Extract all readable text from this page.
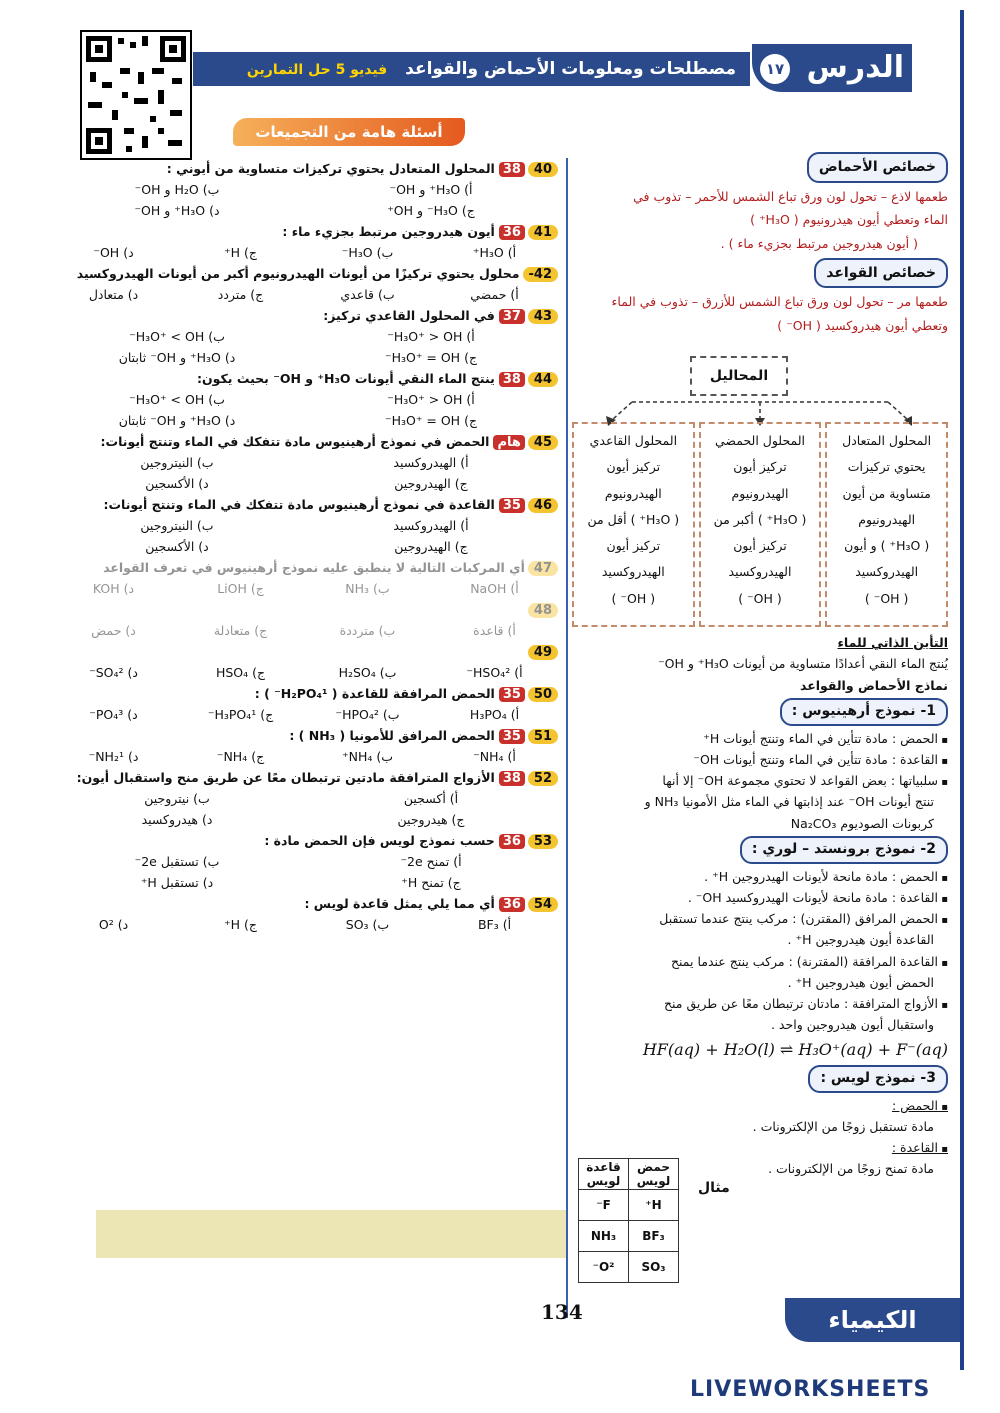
الدرس ١٧
مصطلحات ومعلومات الأحماض والقواعد فيديو 5 حل التمارين
أسئلة هامة من التجميعات
خصائص الأحماض
طعمها لاذع – تحول لون ورق تباع الشمس للأحمر – تذوب في
الماء وتعطي أيون هيدرونيوم ( H₃O⁺ )
( أيون هيدروجين مرتبط بجزيء ماء ) .
خصائص القواعد
طعمها مر – تحول لون ورق تباع الشمس للأزرق – تذوب في الماء
وتعطي أيون هيدروكسيد ( OH⁻ )
المحاليل
المحلول المتعادل
يحتوي تركيزات
متساوية من أيون
الهيدرونيوم
( H₃O⁺ ) و أيون
الهيدروكسيد
( OH⁻ )
المحلول الحمضي
تركيز أيون
الهيدرونيوم
( H₃O⁺ ) أكبر من
تركيز أيون
الهيدروكسيد
( OH⁻ )
المحلول القاعدي
تركيز أيون
الهيدرونيوم
( H₃O⁺ ) أقل من
تركيز أيون
الهيدروكسيد
( OH⁻ )
التأين الذاتي للماء
يُنتج الماء النقي أعدادًا متساوية من أيونات H₃O⁺ و OH⁻
نماذج الأحماض والقواعد
1- نموذج أرهينيوس :
▪ الحمض : مادة تتأين في الماء وتنتج أيونات H⁺
▪ القاعدة : مادة تتأين في الماء وتنتج أيونات OH⁻
▪ سلبياتها : بعض القواعد لا تحتوي مجموعة OH⁻ إلا أنها
تنتج أيونات OH⁻ عند إذابتها في الماء مثل الأمونيا NH₃ و
كربونات الصوديوم Na₂CO₃
2- نموذج برونستد – لوري :
▪ الحمض : مادة مانحة لأيونات الهيدروجين H⁺ .
▪ القاعدة : مادة مانحة لأيونات الهيدروكسيد OH⁻ .
▪ الحمض المرافق (المقترن) : مركب ينتج عندما تستقبل
القاعدة أيون هيدروجين H⁺ .
▪ القاعدة المرافقة (المقترنة) : مركب ينتج عندما يمنح
الحمض أيون هيدروجين H⁺ .
▪ الأزواج المترافقة : مادتان ترتبطان معًا عن طريق منح
واستقبال أيون هيدروجين واحد .
HF(aq) + H₂O(l) ⇌ H₃O⁺(aq) + F⁻(aq)
3- نموذج لويس :
▪ الحمض :
مادة تستقبل زوجًا من الإلكترونات .
▪ القاعدة :
مادة تمنح زوجًا من الإلكترونات .
مثال
حمض لويس	قاعدة لويس
H⁺	F⁻
BF₃	NH₃
SO₃	O²⁻
4038المحلول المتعادل يحتوي تركيزات متساوية من أيوني :
أ) H₃O⁺ و OH⁻
ب) H₂O و OH⁻
ج) H₃O⁻ و OH⁺
د) H₃O⁺ و OH⁻
4136أيون هيدروجين مرتبط بجزيء ماء :
أ) H₃O⁺
ب) H₃O⁻
ج) H⁺
د) OH⁻
42-محلول يحتوي تركيزًا من أيونات الهيدرونيوم أكبر من أيونات الهيدروكسيد
أ) حمضي
ب) قاعدي
ج) متردد
د) متعادل
4337في المحلول القاعدي تركيز:
أ) H₃O⁺ > OH⁻
ب) H₃O⁺ < OH⁻
ج) H₃O⁺ = OH⁻
د) H₃O⁺ و OH⁻ ثابتان
4438ينتج الماء النقي أيونات H₃O⁺ و OH⁻ بحيث يكون:
أ) H₃O⁺ > OH⁻
ب) H₃O⁺ < OH⁻
ج) H₃O⁺ = OH⁻
د) H₃O⁺ و OH⁻ ثابتان
45هامالحمض في نموذج أرهينيوس مادة تتفكك في الماء وتنتج أيونات:
أ) الهيدروكسيد
ب) النيتروجين
ج) الهيدروجين
د) الأكسجين
4635القاعدة في نموذج أرهينيوس مادة تتفكك في الماء وتنتج أيونات:
أ) الهيدروكسيد
ب) النيتروجين
ج) الهيدروجين
د) الأكسجين
47أي المركبات التالية لا ينطبق عليه نموذج أرهينيوس في تعرف القواعد
أ) NaOH
ب) NH₃
ج) LiOH
د) KOH
48
أ) قاعدة
ب) مترددة
ج) متعادلة
د) حمض
49
أ) HSO₄²⁻
ب) H₂SO₄
ج) HSO₄
د) SO₄²⁻
5035الحمض المرافقة للقاعدة ( H₂PO₄¹⁻ ) :
أ) H₃PO₄
ب) HPO₄²⁻
ج) H₃PO₄¹⁻
د) PO₄³⁻
5135الحمض المرافق للأمونيا ( NH₃ ) :
أ) NH₄⁻
ب) NH₄⁺
ج) NH₄⁻
د) NH₂¹⁻
5238الأزواج المترافقة مادتين ترتبطان معًا عن طريق منح واستقبال أيون:
أ) أكسجين
ب) نيتروجين
ج) هيدروجين
د) هيدروكسيد
5336حسب نموذج لويس فإن الحمض مادة :
أ) تمنح 2e⁻
ب) تستقبل 2e⁻
ج) تمنح H⁺
د) تستقبل H⁺
5436أي مما يلي يمثل قاعدة لويس :
أ) BF₃
ب) SO₃
ج) H⁺
د) O²
134	الكيمياء
LIVEWORKSHEETS
